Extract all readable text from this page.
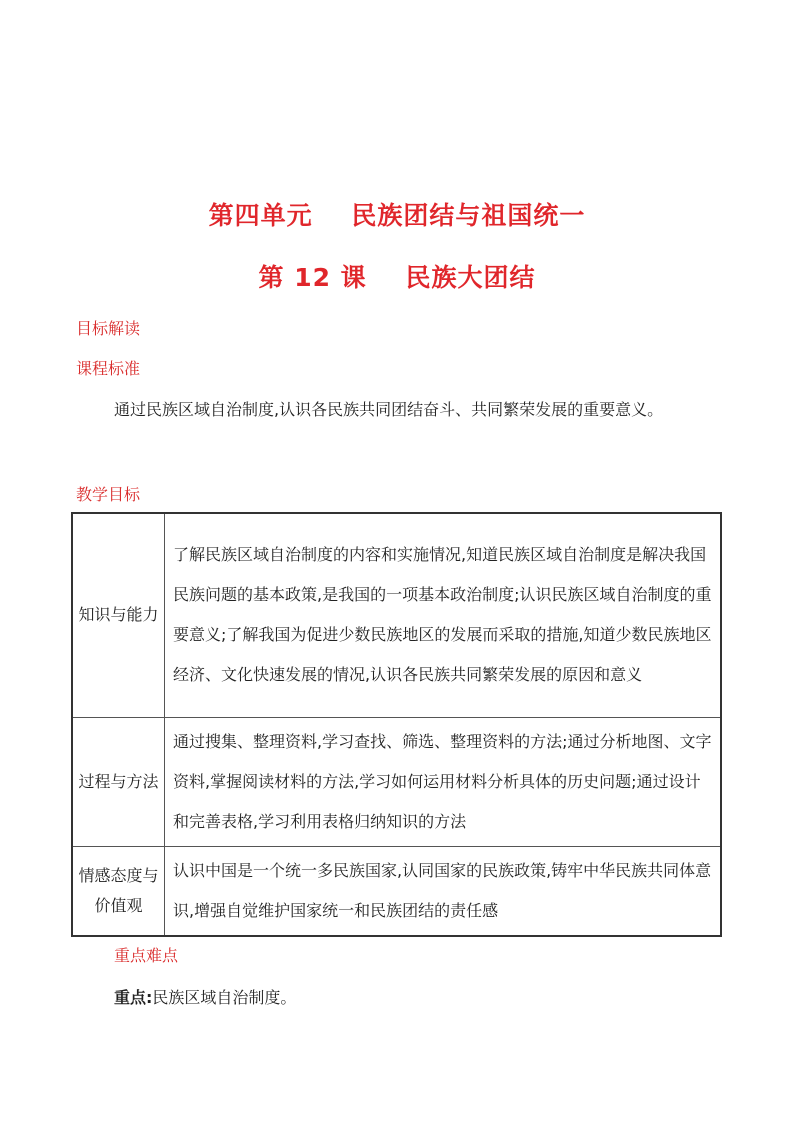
第四单元    民族团结与祖国统一
第 12 课    民族大团结
目标解读
课程标准
通过民族区域自治制度,认识各民族共同团结奋斗、共同繁荣发展的重要意义。
教学目标
知识与能力	了解民族区域自治制度的内容和实施情况,知道民族区域自治制度是解决我国民族问题的基本政策,是我国的一项基本政治制度;认识民族区域自治制度的重要意义;了解我国为促进少数民族地区的发展而采取的措施,知道少数民族地区经济、文化快速发展的情况,认识各民族共同繁荣发展的原因和意义
过程与方法	通过搜集、整理资料,学习查找、筛选、整理资料的方法;通过分析地图、文字资料,掌握阅读材料的方法,学习如何运用材料分析具体的历史问题;通过设计和完善表格,学习利用表格归纳知识的方法
情感态度与价值观	认识中国是一个统一多民族国家,认同国家的民族政策,铸牢中华民族共同体意识,增强自觉维护国家统一和民族团结的责任感
重点难点
重点:民族区域自治制度。
